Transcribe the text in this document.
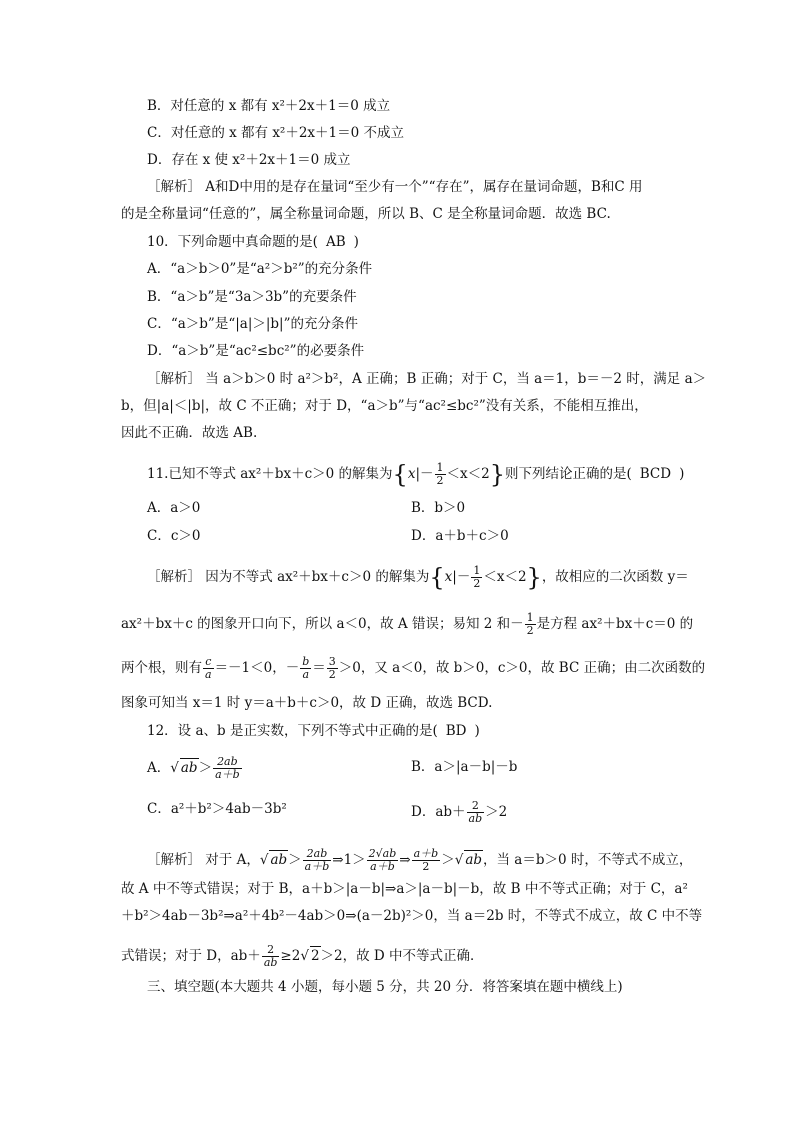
B．对任意的 x 都有 x²＋2x＋1＝0 成立
C．对任意的 x 都有 x²＋2x＋1＝0 不成立
D．存在 x 使 x²＋2x＋1＝0 成立
［解析］ A和D中用的是存在量词“至少有一个”“存在”，属存在量词命题，B和C 用
的是全称量词“任意的”，属全称量词命题，所以 B、C 是全称量词命题．故选 BC.
10．下列命题中真命题的是( AB )
A．“a＞b＞0”是“a²＞b²”的充分条件
B．“a＞b”是“3a＞3b”的充要条件
C．“a＞b”是“|a|＞|b|”的充分条件
D．“a＞b”是“ac²≤bc²”的必要条件
［解析］ 当 a＞b＞0 时 a²＞b²，A 正确；B 正确；对于 C，当 a＝1，b＝－2 时，满足 a＞
b，但|a|＜|b|，故 C 不正确；对于 D，“a＞b”与“ac²≤bc²”没有关系，不能相互推出，
因此不正确．故选 AB.
11.已知不等式 ax²＋bx＋c＞0 的解集为$\{x|- \frac{1}{2} <x<2\}$则下列结论正确的是( BCD )
A．a＞0	B．b＞0
C．c＞0	D．a＋b＋c＞0
［解析］ 因为不等式 ax²＋bx＋c＞0 的解集为$\{x|- \frac{1}{2} <x<2\}$，故相应的二次函数 y＝
ax²＋bx＋c 的图象开口向下，所以 a＜0，故 A 错误；易知 2 和－ $\frac{1}{2}$ 是方程 ax²＋bx＋c＝0 的
两个根，则有 $\frac{c}{a} =-1<0$，－ $\frac{b}{a} = \frac{3}{2} >0$，又 a＜0，故 b＞0，c＞0，故 BC 正确；由二次函数的
图象可知当 x＝1 时 y＝a＋b＋c＞0，故 D 正确，故选 BCD.
12．设 a、b 是正实数，下列不等式中正确的是( BD )
A．√ $ab> \frac{2ab}{a+b}$	B．a＞|a－b|－b
C．a²＋b²＞4ab－3b²	D．$ab+ \frac{2}{ab} >2$
［解析］ 对于 A，√ $ab> \frac{2ab}{a+b}$ ⇒1＞ $\frac{2√ab}{a+b}$ ⇒ $\frac{a+b}{2}$ ＞√ ab，当 a＝b＞0 时，不等式不成立，
故 A 中不等式错误；对于 B，a＋b＞|a－b|⇒a＞|a－b|－b，故 B 中不等式正确；对于 C，a²
＋b²＞4ab－3b²⇒a²＋4b²－4ab＞0⇒(a－2b)²＞0，当 a＝2b 时，不等式不成立，故 C 中不等
式错误；对于 D，$ab+ \frac{2}{ab} \ge 2√$ 2＞2，故 D 中不等式正确．
三、填空题(本大题共 4 小题，每小题 5 分，共 20 分．将答案填在题中横线上)
